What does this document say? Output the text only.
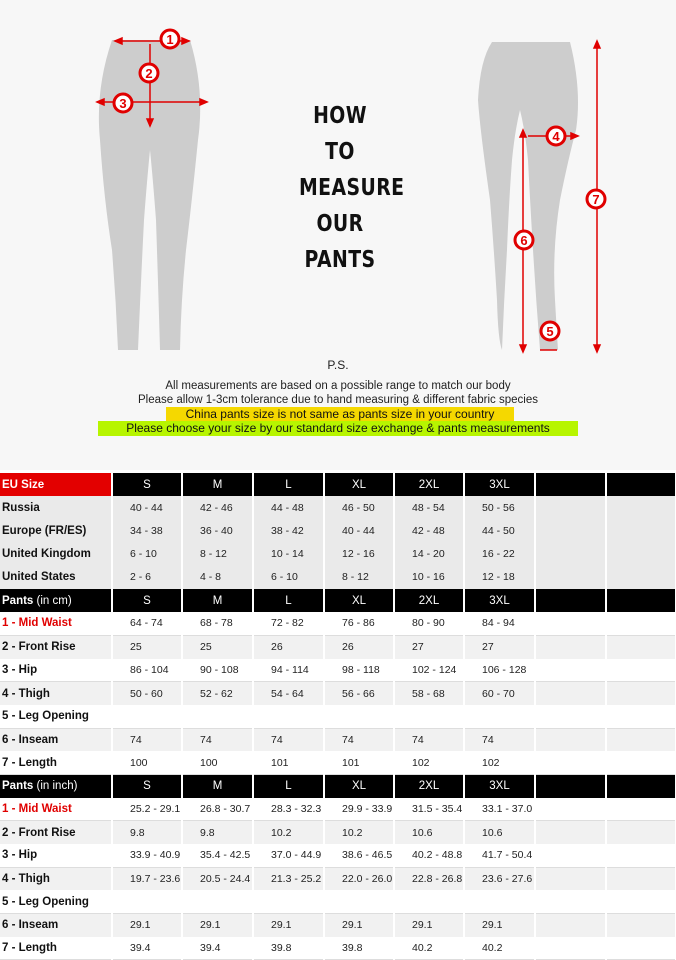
1
2
3
4
5
6
7
HOW
TO
MEASURE
OUR
PANTS
P.S.
All measurements are based on a possible range to match our body
Please allow 1-3cm tolerance due to hand measuring & different fabric species
China pants size is not same as pants size in your country
Please choose your size by our standard size exchange & pants measurements
EU Size	S	M	L	XL	2XL	3XL		
Russia	40 - 44	42 - 46	44 - 48	46 - 50	48 - 54	50 - 56		
Europe (FR/ES)	34 - 38	36 - 40	38 - 42	40 - 44	42 - 48	44 - 50		
United Kingdom	6 - 10	8 - 12	10 - 14	12 - 16	14 - 20	16 - 22		
United States	2 - 6	4 - 8	6 - 10	8 - 12	10 - 16	12 - 18		
Pants (in cm)	S	M	L	XL	2XL	3XL		
1 - Mid Waist	64 - 74	68 - 78	72 - 82	76 - 86	80 - 90	84 - 94		
2 - Front Rise	25	25	26	26	27	27		
3 - Hip	86 - 104	90 - 108	94 - 114	98 - 118	102 - 124	106 - 128		
4 - Thigh	50 - 60	52 - 62	54 - 64	56 - 66	58 - 68	60 - 70		
5 - Leg Opening								
6 - Inseam	74	74	74	74	74	74		
7 - Length	100	100	101	101	102	102		
Pants (in inch)	S	M	L	XL	2XL	3XL		
1 - Mid Waist	25.2 - 29.1	26.8 - 30.7	28.3 - 32.3	29.9 - 33.9	31.5 - 35.4	33.1 - 37.0		
2 - Front Rise	9.8	9.8	10.2	10.2	10.6	10.6		
3 - Hip	33.9 - 40.9	35.4 - 42.5	37.0 - 44.9	38.6 - 46.5	40.2 - 48.8	41.7 - 50.4		
4 - Thigh	19.7 - 23.6	20.5 - 24.4	21.3 - 25.2	22.0 - 26.0	22.8 - 26.8	23.6 - 27.6		
5 - Leg Opening								
6 - Inseam	29.1	29.1	29.1	29.1	29.1	29.1		
7 - Length	39.4	39.4	39.8	39.8	40.2	40.2		
